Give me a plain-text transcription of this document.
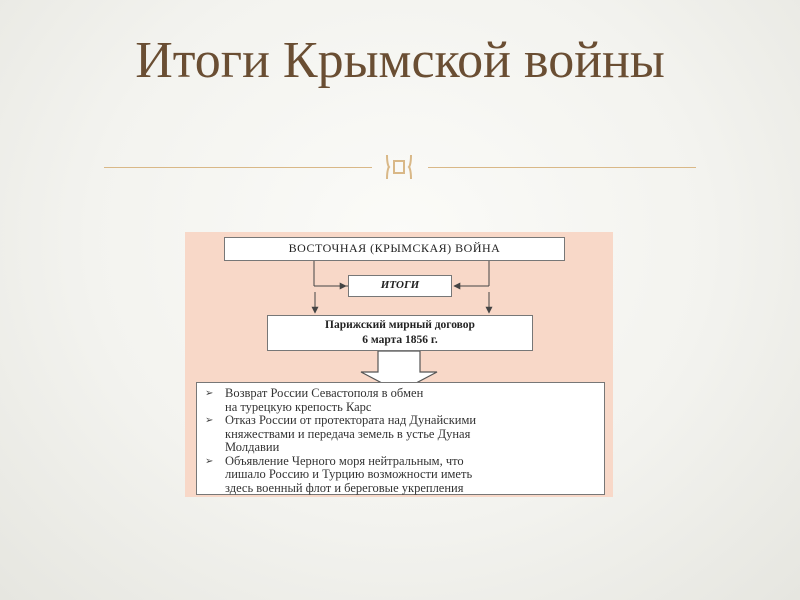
Итоги Крымской войны
ВОСТОЧНАЯ (КРЫМСКАЯ) ВОЙНА
ИТОГИ
Парижский мирный договор
6 марта 1856 г.
➢ Возврат России Севастополя в обмен
на турецкую крепость Карс
➢ Отказ России от протектората над Дунайскими
княжествами и передача земель в устье Дуная
Молдавии
➢ Объявление Черного моря нейтральным, что
лишало Россию и Турцию возможности иметь
здесь военный флот и береговые укрепления
